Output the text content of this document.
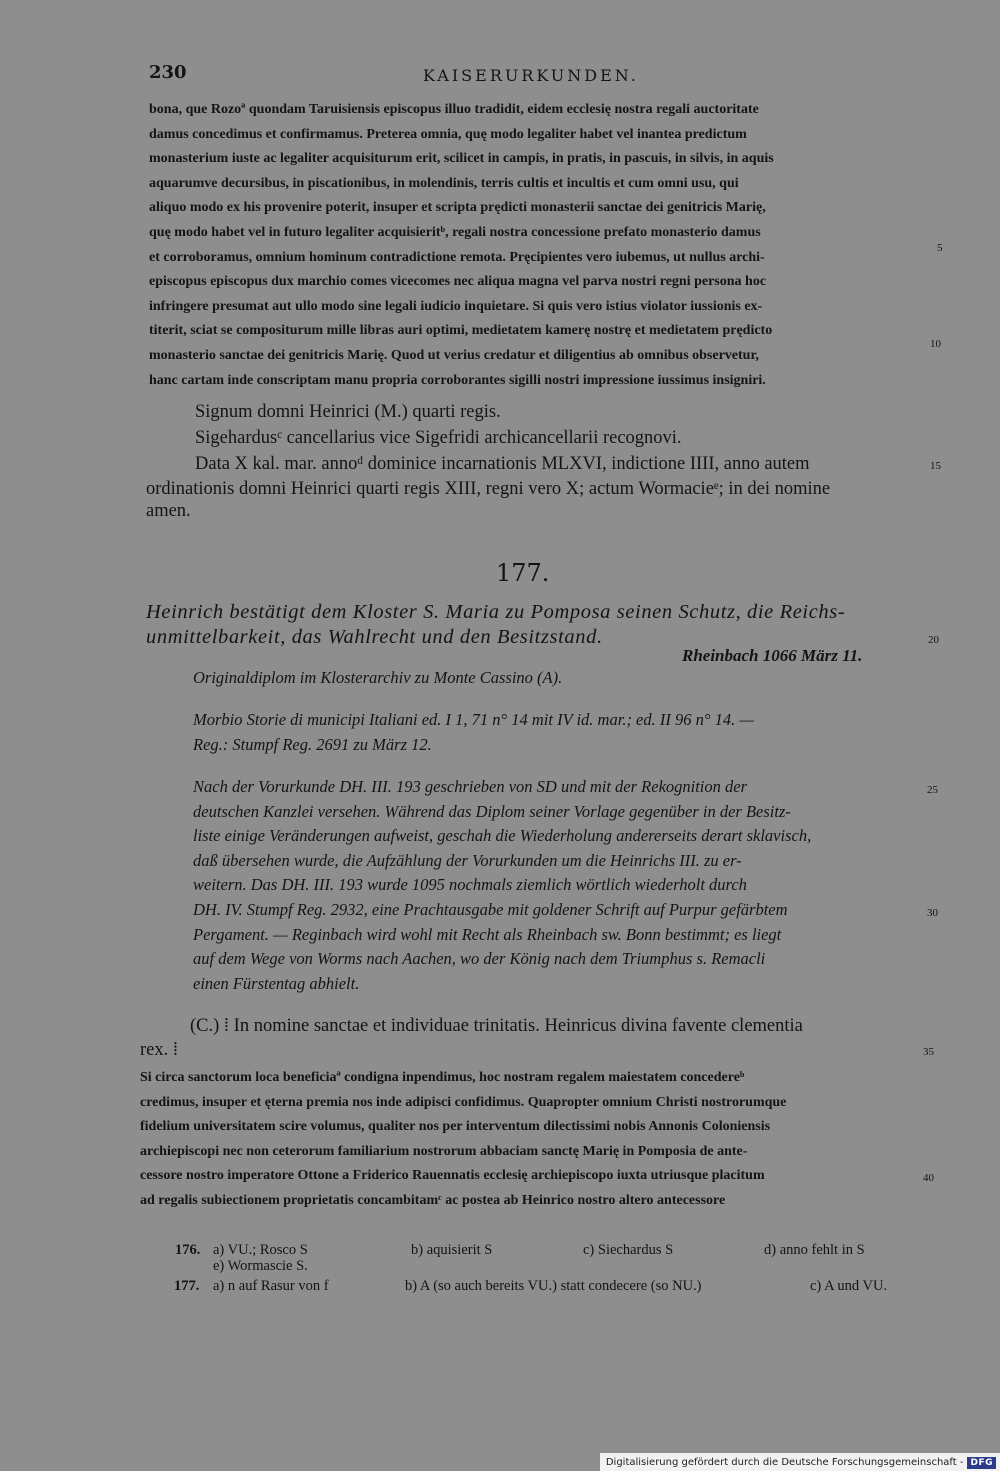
230	KAISERURKUNDEN.
bona, que Rozoª quondam Taruisiensis episcopus illuo tradidit, eidem ecclesię nostra regali auctoritate
damus concedimus et confirmamus. Preterea omnia, quę modo legaliter habet vel inantea predictum
monasterium iuste ac legaliter acquisiturum erit, scilicet in campis, in pratis, in pascuis, in silvis, in aquis
aquarumve decursibus, in piscationibus, in molendinis, terris cultis et incultis et cum omni usu, qui
aliquo modo ex his provenire poterit, insuper et scripta prędicti monasterii sanctae dei genitricis Marię,
quę modo habet vel in futuro legaliter acquisieritᵇ, regali nostra concessione prefato monasterio damus
et corroboramus, omnium hominum contradictione remota. Pręcipientes vero iubemus, ut nullus archi-
episcopus episcopus dux marchio comes vicecomes nec aliqua magna vel parva nostri regni persona hoc
infringere presumat aut ullo modo sine legali iudicio inquietare. Si quis vero istius violator iussionis ex-
titerit, sciat se compositurum mille libras auri optimi, medietatem kamerę nostrę et medietatem prędicto
monasterio sanctae dei genitricis Marię. Quod ut verius credatur et diligentius ab omnibus observetur,
hanc cartam inde conscriptam manu propria corroborantes sigilli nostri impressione iussimus insigniri.
Signum domni Heinrici (M.) quarti regis.
Sigehardusᶜ cancellarius vice Sigefridi archicancellarii recognovi.
Data X kal. mar. annoᵈ dominice incarnationis MLXVI, indictione IIII, anno autem
ordinationis domni Heinrici quarti regis XIII, regni vero X; actum Wormacieᵉ; in dei nomine
amen.
177.
Heinrich bestätigt dem Kloster S. Maria zu Pomposa seinen Schutz, die Reichs-
unmittelbarkeit, das Wahlrecht und den Besitzstand.
Rheinbach 1066 März 11.
Originaldiplom im Klosterarchiv zu Monte Cassino (A).
Morbio Storie di municipi Italiani ed. I 1, 71 n° 14 mit IV id. mar.; ed. II 96 n° 14. —
Reg.: Stumpf Reg. 2691 zu März 12.
Nach der Vorurkunde DH. III. 193 geschrieben von SD und mit der Rekognition der
deutschen Kanzlei versehen. Während das Diplom seiner Vorlage gegenüber in der Besitz-
liste einige Veränderungen aufweist, geschah die Wiederholung andererseits derart sklavisch,
daß übersehen wurde, die Aufzählung der Vorurkunden um die Heinrichs III. zu er-
weitern. Das DH. III. 193 wurde 1095 nochmals ziemlich wörtlich wiederholt durch
DH. IV. Stumpf Reg. 2932, eine Prachtausgabe mit goldener Schrift auf Purpur gefärbtem
Pergament. — Reginbach wird wohl mit Recht als Rheinbach sw. Bonn bestimmt; es liegt
auf dem Wege von Worms nach Aachen, wo der König nach dem Triumphus s. Remacli
einen Fürstentag abhielt.
(C.) ⁞ In nomine sanctae et individuae trinitatis. Heinricus divina favente clementia
rex. ⁞
Si circa sanctorum loca beneficiaª condigna inpendimus, hoc nostram regalem maiestatem concedereᵇ
credimus, insuper et ęterna premia nos inde adipisci confidimus. Quapropter omnium Christi nostrorumque
fidelium universitatem scire volumus, qualiter nos per interventum dilectissimi nobis Annonis Coloniensis
archiepiscopi nec non ceterorum familiarium nostrorum abbaciam sanctę Marię in Pomposia de ante-
cessore nostro imperatore Ottone a Friderico Rauennatis ecclesię archiepiscopo iuxta utriusque placitum
ad regalis subiectionem proprietatis concambitamᶜ ac postea ab Heinrico nostro altero antecessore
5
10
15
20
25
30
35
40
176. a) VU.; Rosco S	b) aquisierit S	c) Siechardus S	d) anno fehlt in S
e) Wormascie S.
177. a) n auf Rasur von f	b) A (so auch bereits VU.) statt condecere (so NU.)	c) A und VU.
Digitalisierung gefördert durch die Deutsche Forschungsgemeinschaft - DFG
